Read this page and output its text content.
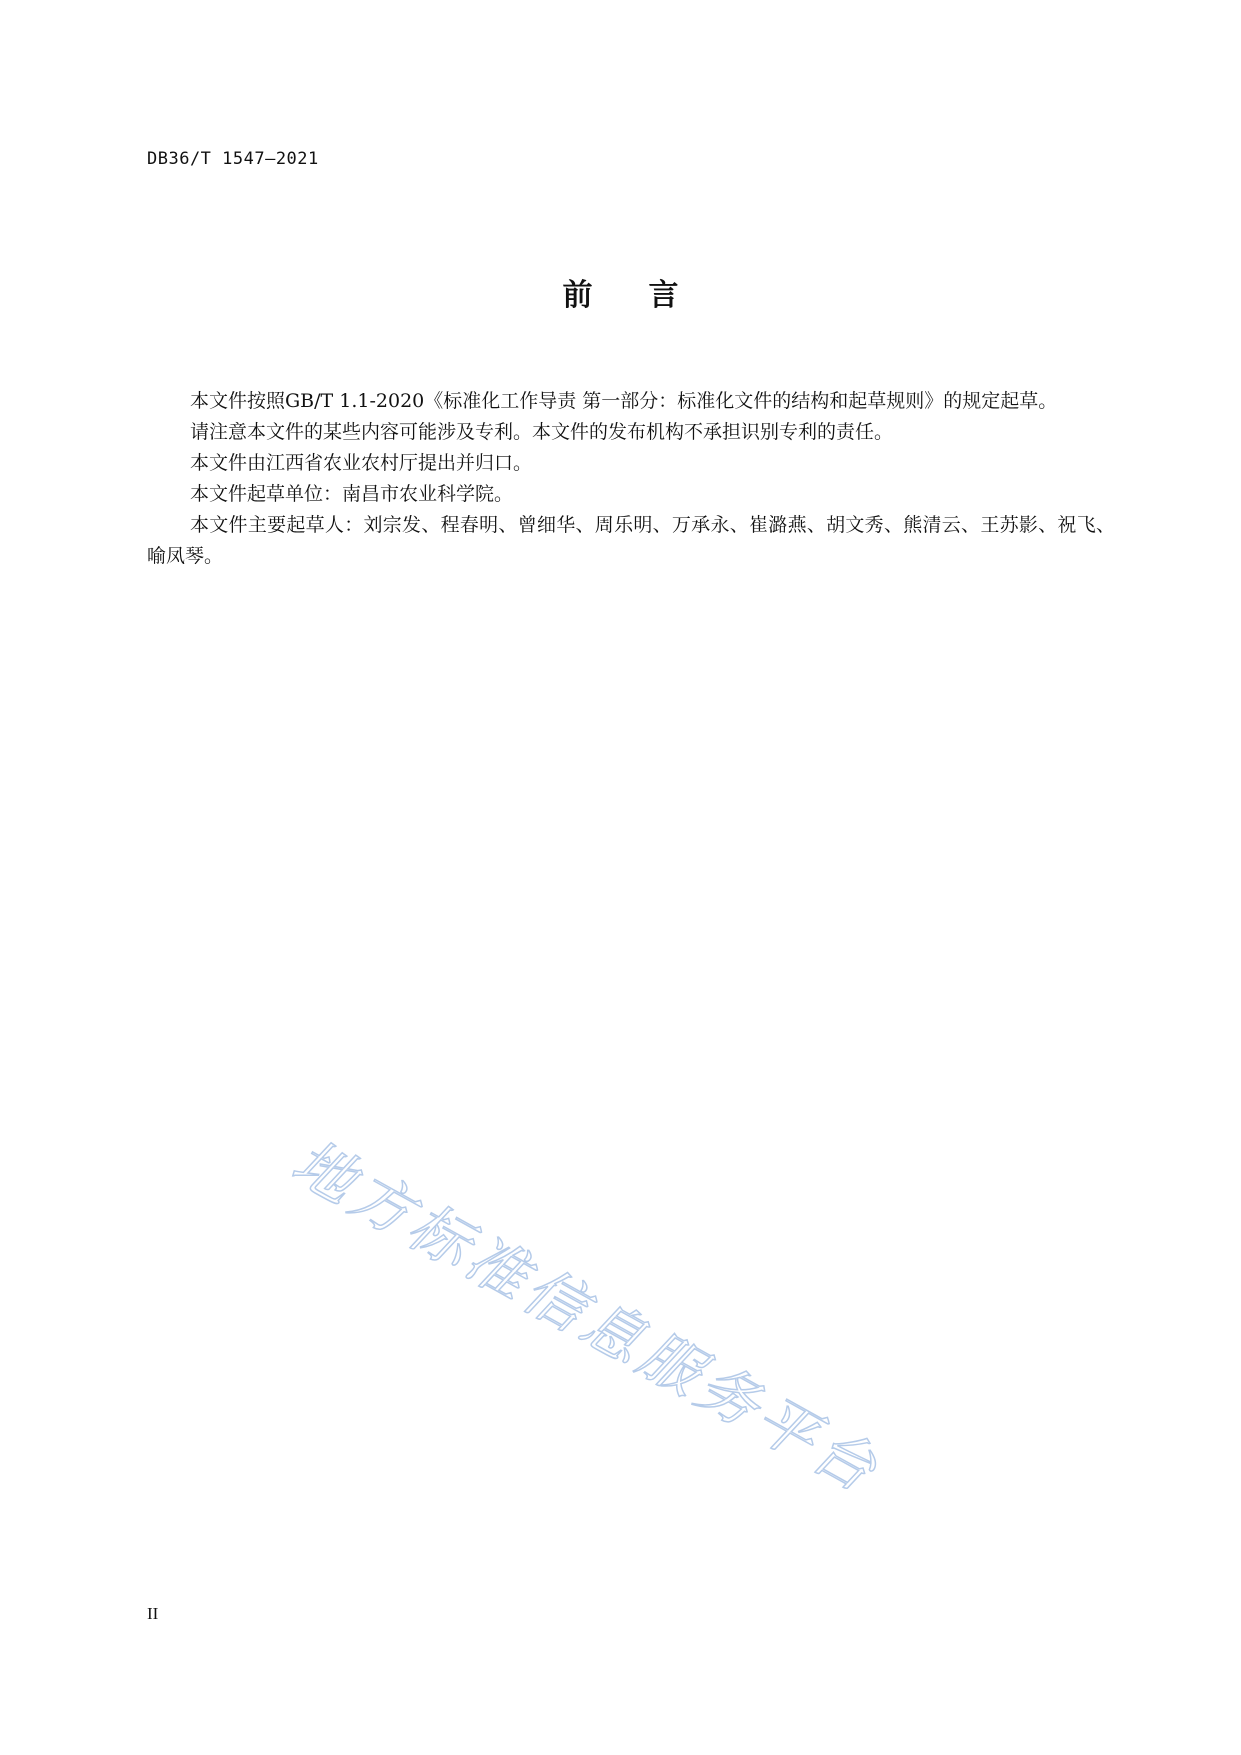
DB36/T 1547—2021
前言

本文件按照GB/T 1.1-2020《标准化工作导责 第一部分：标准化文件的结构和起草规则》的规定起草。

请注意本文件的某些内容可能涉及专利。本文件的发布机构不承担识别专利的责任。

本文件由江西省农业农村厅提出并归口。

本文件起草单位：南昌市农业科学院。

本文件主要起草人：刘宗发、程春明、曾细华、周乐明、万承永、崔潞燕、胡文秀、熊清云、王苏影、祝飞、喻凤琴。

地方标准信息服务平台
II
